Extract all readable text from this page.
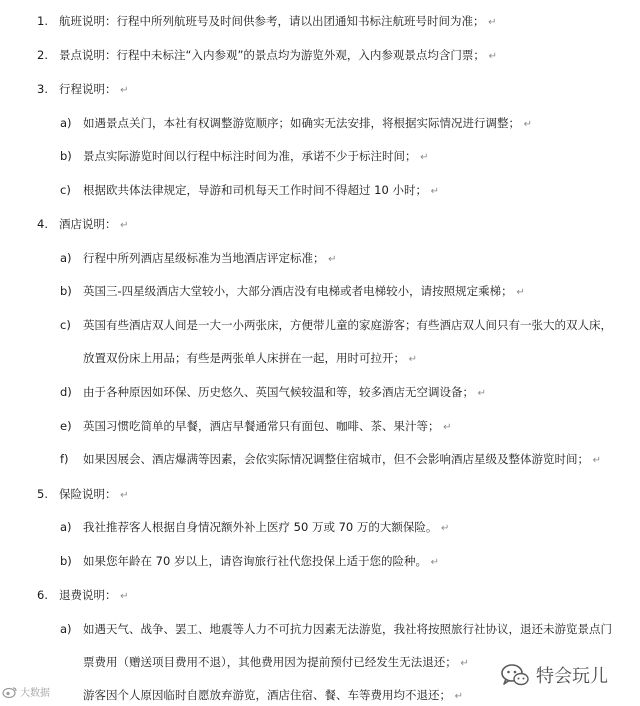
1. 航班说明：行程中所列航班号及时间供参考，请以出团通知书标注航班号时间为准； ↵
2. 景点说明：行程中未标注“入内参观”的景点均为游览外观，入内参观景点均含门票； ↵
3. 行程说明： ↵
a) 如遇景点关门，本社有权调整游览顺序；如确实无法安排，将根据实际情况进行调整； ↵
b) 景点实际游览时间以行程中标注时间为准，承诺不少于标注时间； ↵
c) 根据欧共体法律规定，导游和司机每天工作时间不得超过 10 小时； ↵
4. 酒店说明： ↵
a) 行程中所列酒店星级标准为当地酒店评定标准； ↵
b) 英国三-四星级酒店大堂较小，大部分酒店没有电梯或者电梯较小，请按照规定乘梯； ↵
c) 英国有些酒店双人间是一大一小两张床，方便带儿童的家庭游客；有些酒店双人间只有一张大的双人床，
放置双份床上用品；有些是两张单人床拼在一起，用时可拉开； ↵
d) 由于各种原因如环保、历史悠久、英国气候较温和等，较多酒店无空调设备； ↵
e) 英国习惯吃简单的早餐，酒店早餐通常只有面包、咖啡、茶、果汁等； ↵
f) 如果因展会、酒店爆满等因素，会依实际情况调整住宿城市，但不会影响酒店星级及整体游览时间； ↵
5. 保险说明： ↵
a) 我社推荐客人根据自身情况额外补上医疗 50 万或 70 万的大额保险。 ↵
b) 如果您年龄在 70 岁以上，请咨询旅行社代您投保上适于您的险种。 ↵
6. 退费说明： ↵
a) 如遇天气、战争、罢工、地震等人力不可抗力因素无法游览，我社将按照旅行社协议，退还未游览景点门
票费用（赠送项目费用不退），其他费用因为提前预付已经发生无法退还； ↵
游客因个人原因临时自愿放弃游览，酒店住宿、餐、车等费用均不退还； ↵
大数据
特会玩儿
